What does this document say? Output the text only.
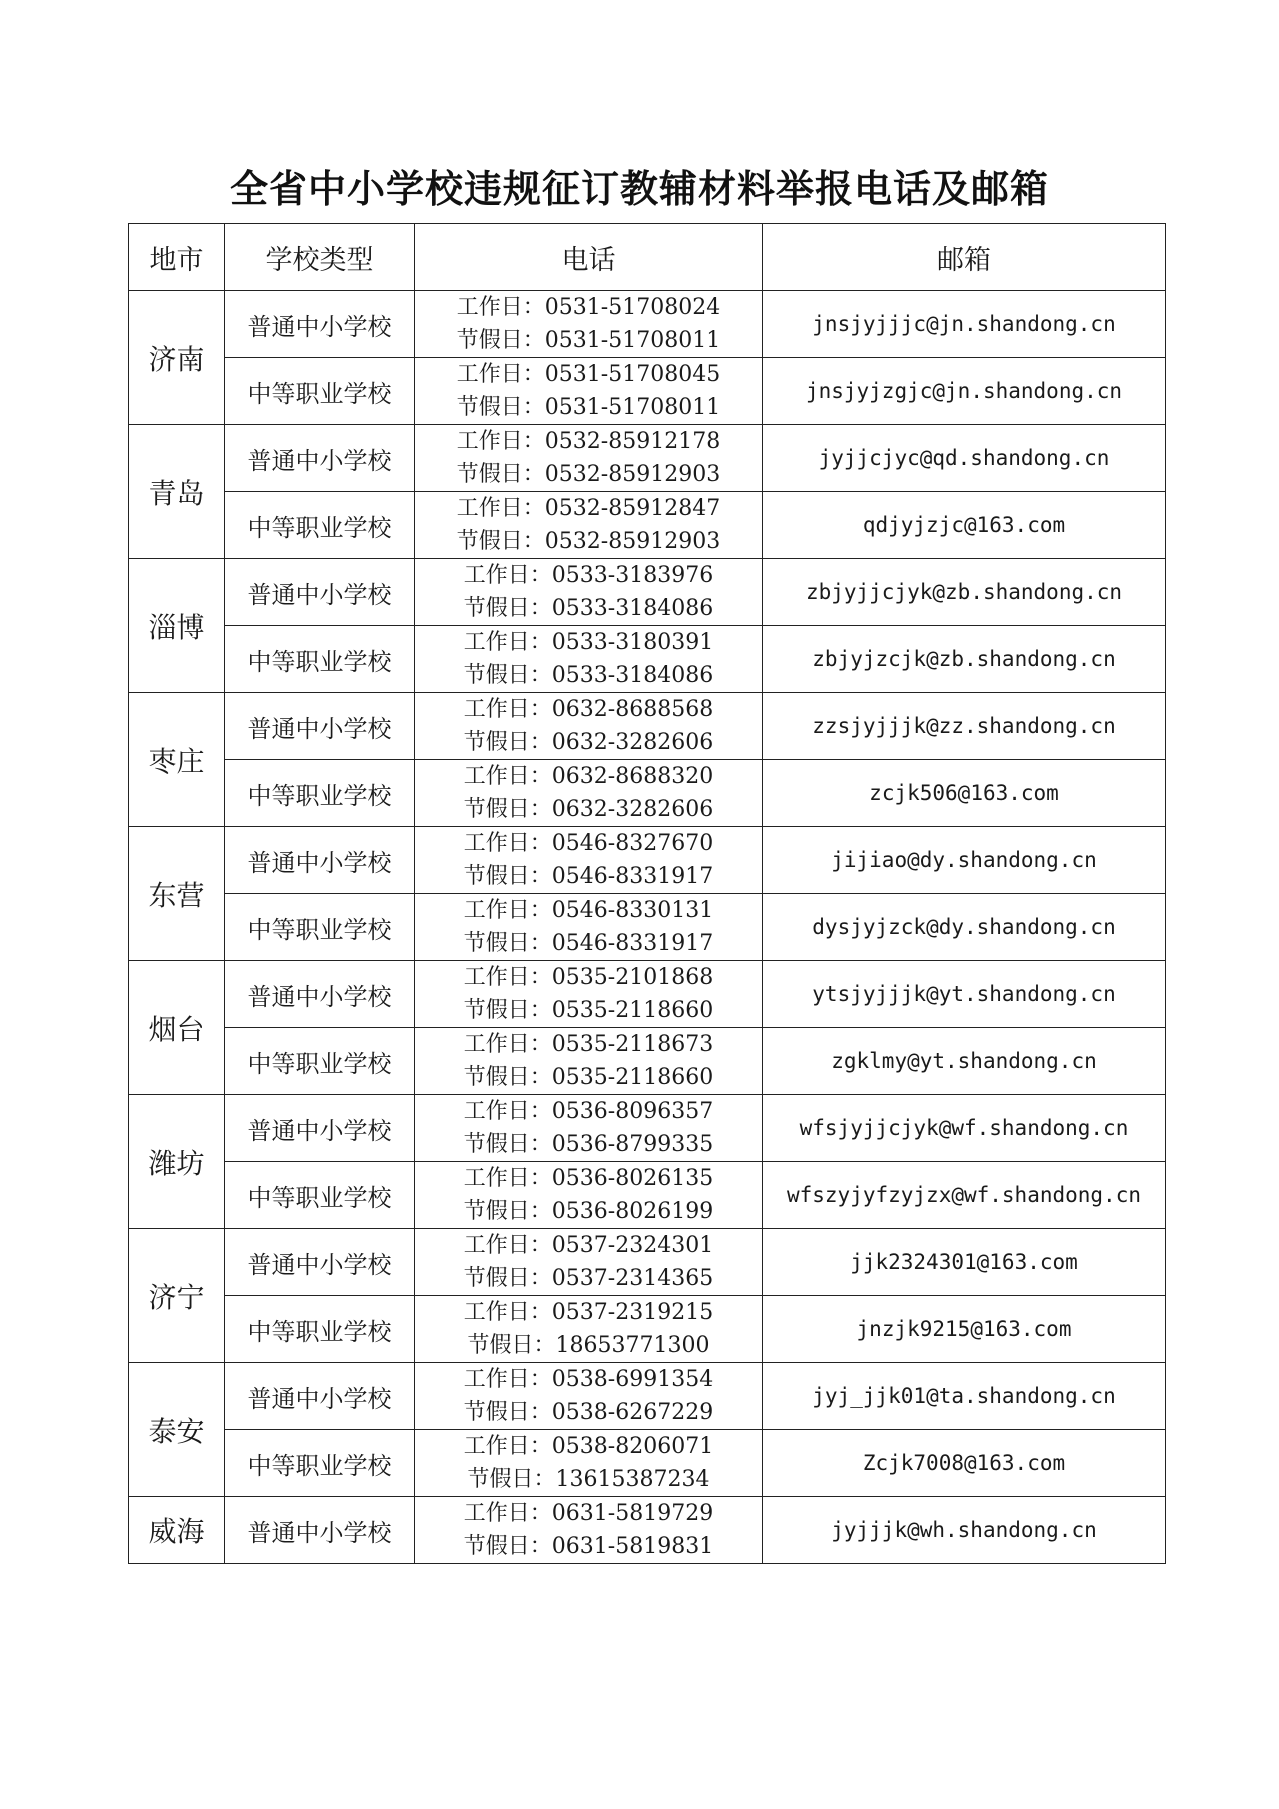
全省中小学校违规征订教辅材料举报电话及邮箱
地市	学校类型	电话	邮箱
济南	普通中小学校	工作日：0531-51708024
节假日：0531-51708011	jnsjyjjjc@jn.shandong.cn
	中等职业学校	工作日：0531-51708045
节假日：0531-51708011	jnsjyjzgjc@jn.shandong.cn
青岛	普通中小学校	工作日：0532-85912178
节假日：0532-85912903	jyjjcjyc@qd.shandong.cn
	中等职业学校	工作日：0532-85912847
节假日：0532-85912903	qdjyjzjc@163.com
淄博	普通中小学校	工作日：0533-3183976
节假日：0533-3184086	zbjyjjcjyk@zb.shandong.cn
	中等职业学校	工作日：0533-3180391
节假日：0533-3184086	zbjyjzcjk@zb.shandong.cn
枣庄	普通中小学校	工作日：0632-8688568
节假日：0632-3282606	zzsjyjjjk@zz.shandong.cn
	中等职业学校	工作日：0632-8688320
节假日：0632-3282606	zcjk506@163.com
东营	普通中小学校	工作日：0546-8327670
节假日：0546-8331917	jijiao@dy.shandong.cn
	中等职业学校	工作日：0546-8330131
节假日：0546-8331917	dysjyjzck@dy.shandong.cn
烟台	普通中小学校	工作日：0535-2101868
节假日：0535-2118660	ytsjyjjjk@yt.shandong.cn
	中等职业学校	工作日：0535-2118673
节假日：0535-2118660	zgklmy@yt.shandong.cn
潍坊	普通中小学校	工作日：0536-8096357
节假日：0536-8799335	wfsjyjjcjyk@wf.shandong.cn
	中等职业学校	工作日：0536-8026135
节假日：0536-8026199	wfszyjyfzyjzx@wf.shandong.cn
济宁	普通中小学校	工作日：0537-2324301
节假日：0537-2314365	jjk2324301@163.com
	中等职业学校	工作日：0537-2319215
节假日：18653771300	jnzjk9215@163.com
泰安	普通中小学校	工作日：0538-6991354
节假日：0538-6267229	jyj_jjk01@ta.shandong.cn
	中等职业学校	工作日：0538-8206071
节假日：13615387234	Zcjk7008@163.com
威海	普通中小学校	工作日：0631-5819729
节假日：0631-5819831	jyjjjk@wh.shandong.cn
